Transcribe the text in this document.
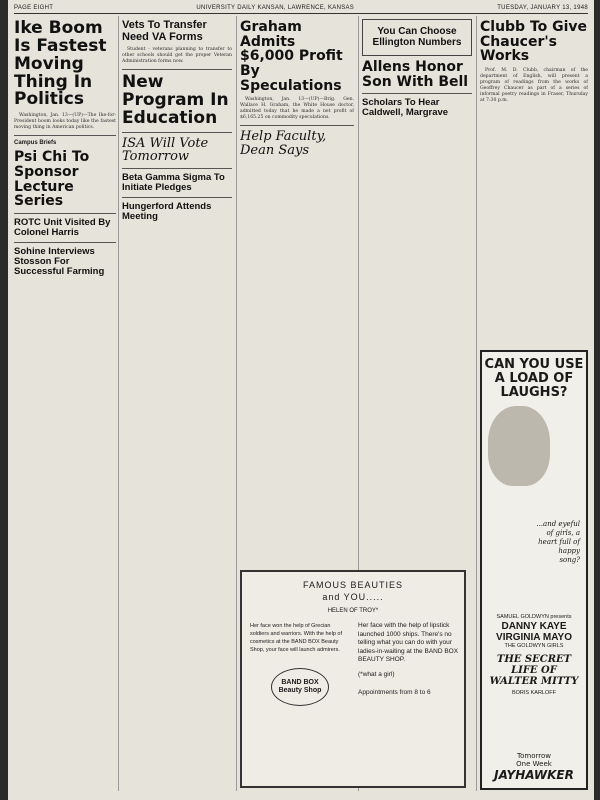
PAGE EIGHT	UNIVERSITY DAILY KANSAN, LAWRENCE, KANSAS	TUESDAY, JANUARY 13, 1948
Ike Boom Is Fastest Moving Thing In Politics

Washington, Jan. 13—(UP)—The Ike-for-President boom looks today like the fastest moving thing in American politics.

Campus Briefs
Psi Chi To Sponsor Lecture Series

ROTC Unit Visited By Colonel Harris

Sohine Interviews Stosson For Successful Farming

Vets To Transfer Need VA Forms

Student - veterans planning to transfer to other schools should get the proper Veteran Administration forms now.

New Program In Education

ISA Will Vote Tomorrow

Beta Gamma Sigma To Initiate Pledges

Hungerford Attends Meeting

Graham Admits $6,000 Profit By Speculations

Washington, Jan. 13—(UP)—Brig. Gen. Wallace H. Graham, the White House doctor, admitted today that he made a net profit of $6,165.25 on commodity speculations.

Help Faculty, Dean Says

You Can Choose Ellington Numbers

Allens Honor Son With Bell

Scholars To Hear Caldwell, Margrave

Clubb To Give Chaucer's Works

Prof. M. D. Clubb, chairman of the department of English, will present a program of readings from the works of Geoffrey Chaucer as part of a series of informal poetry readings in Fraser, Thursday at 7:30 p.m.

FAMOUS BEAUTIES
and YOU.....
HELEN OF TROY*
Her face won the help of Grecian soldiers and warriors. With the help of cosmetics at the BAND BOX Beauty Shop, your face will launch admirers.
BAND BOX Beauty Shop
Her face with the help of lipstick launched 1000 ships. There's no telling what you can do with your ladies-in-waiting at the BAND BOX BEAUTY SHOP.
(*what a girl)
Appointments from 8 to 6
CAN YOU USE A LOAD OF LAUGHS?
...and eyeful of girls, a heart full of happy song?
SAMUEL GOLDWYN presents
DANNY KAYE
VIRGINIA MAYO
THE GOLDWYN GIRLS
THE SECRET LIFE OF WALTER MITTY
BORIS KARLOFF
Tomorrow
One Week
JAYHAWKER
